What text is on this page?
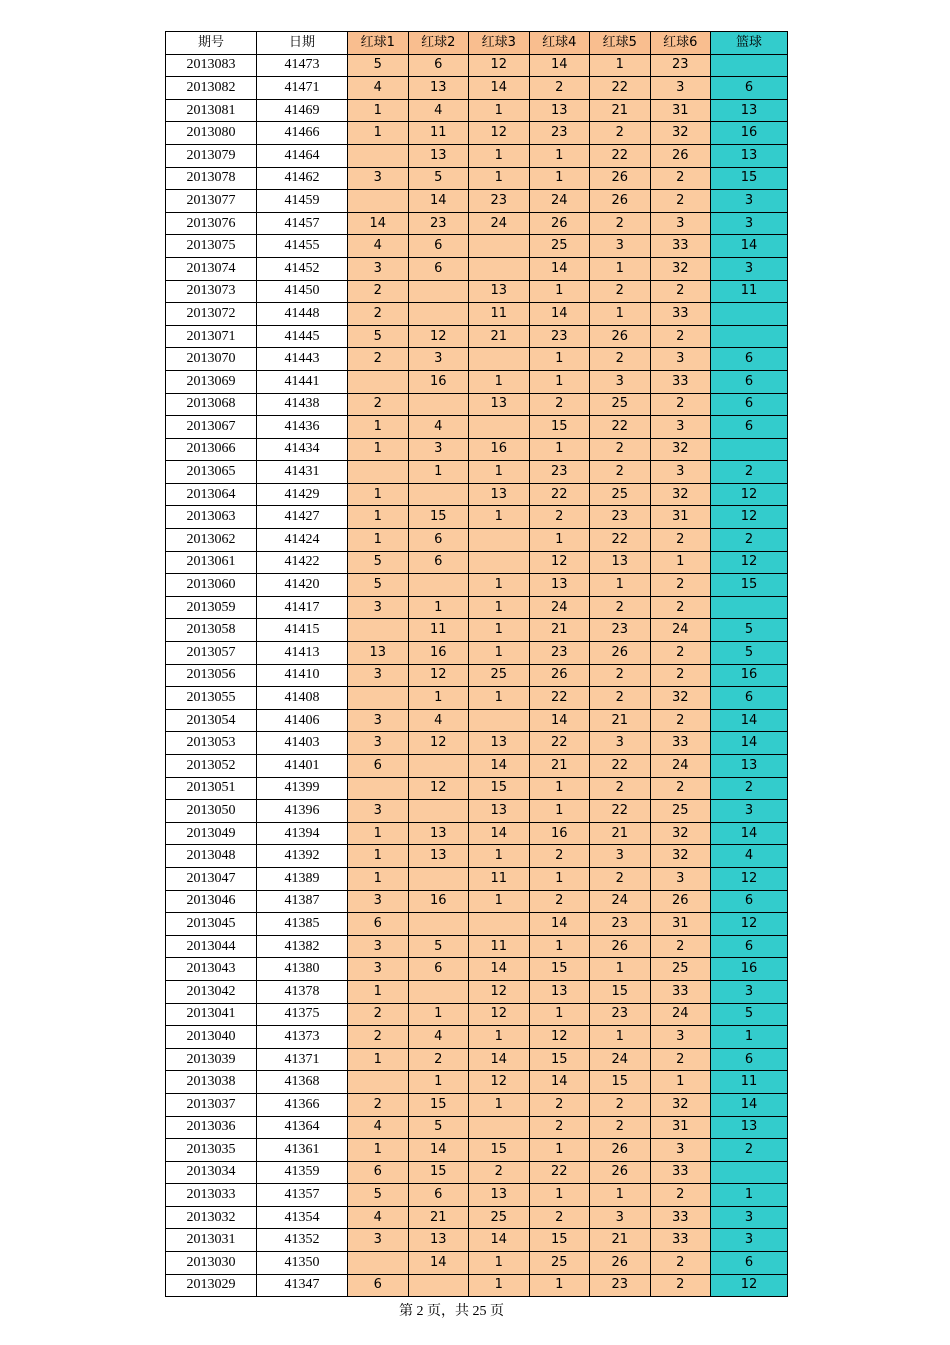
期号	日期	红球1	红球2	红球3	红球4	红球5	红球6	篮球
2013083	41473	5	6	12	14	1	23	
2013082	41471	4	13	14	2	22	3	6
2013081	41469	1	4	1	13	21	31	13
2013080	41466	1	11	12	23	2	32	16
2013079	41464		13	1	1	22	26	13
2013078	41462	3	5	1	1	26	2	15
2013077	41459		14	23	24	26	2	3
2013076	41457	14	23	24	26	2	3	3
2013075	41455	4	6		25	3	33	14
2013074	41452	3	6		14	1	32	3
2013073	41450	2		13	1	2	2	11
2013072	41448	2		11	14	1	33	
2013071	41445	5	12	21	23	26	2	
2013070	41443	2	3		1	2	3	6
2013069	41441		16	1	1	3	33	6
2013068	41438	2		13	2	25	2	6
2013067	41436	1	4		15	22	3	6
2013066	41434	1	3	16	1	2	32	
2013065	41431		1	1	23	2	3	2
2013064	41429	1		13	22	25	32	12
2013063	41427	1	15	1	2	23	31	12
2013062	41424	1	6		1	22	2	2
2013061	41422	5	6		12	13	1	12
2013060	41420	5		1	13	1	2	15
2013059	41417	3	1	1	24	2	2	
2013058	41415		11	1	21	23	24	5
2013057	41413	13	16	1	23	26	2	5
2013056	41410	3	12	25	26	2	2	16
2013055	41408		1	1	22	2	32	6
2013054	41406	3	4		14	21	2	14
2013053	41403	3	12	13	22	3	33	14
2013052	41401	6		14	21	22	24	13
2013051	41399		12	15	1	2	2	2
2013050	41396	3		13	1	22	25	3
2013049	41394	1	13	14	16	21	32	14
2013048	41392	1	13	1	2	3	32	4
2013047	41389	1		11	1	2	3	12
2013046	41387	3	16	1	2	24	26	6
2013045	41385	6			14	23	31	12
2013044	41382	3	5	11	1	26	2	6
2013043	41380	3	6	14	15	1	25	16
2013042	41378	1		12	13	15	33	3
2013041	41375	2	1	12	1	23	24	5
2013040	41373	2	4	1	12	1	3	1
2013039	41371	1	2	14	15	24	2	6
2013038	41368		1	12	14	15	1	11
2013037	41366	2	15	1	2	2	32	14
2013036	41364	4	5		2	2	31	13
2013035	41361	1	14	15	1	26	3	2
2013034	41359	6	15	2	22	26	33	
2013033	41357	5	6	13	1	1	2	1
2013032	41354	4	21	25	2	3	33	3
2013031	41352	3	13	14	15	21	33	3
2013030	41350		14	1	25	26	2	6
2013029	41347	6		1	1	23	2	12
第 2 页，共 25 页
